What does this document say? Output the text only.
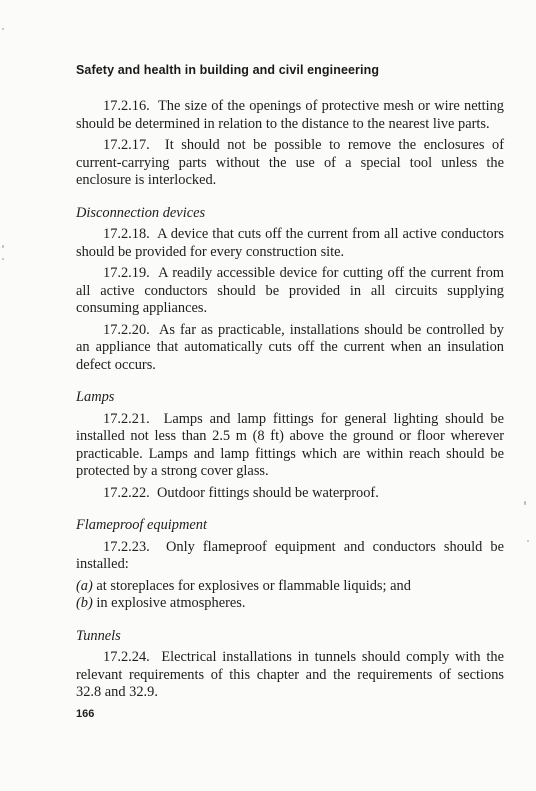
Safety and health in building and civil engineering

17.2.16. The size of the openings of protective mesh or wire netting should be determined in relation to the distance to the nearest live parts.

17.2.17. It should not be possible to remove the enclosures of current-carrying parts without the use of a special tool unless the enclosure is interlocked.

Disconnection devices

17.2.18. A device that cuts off the current from all active conductors should be provided for every construction site.

17.2.19. A readily accessible device for cutting off the current from all active conductors should be provided in all circuits supplying consuming appliances.

17.2.20. As far as practicable, installations should be controlled by an appliance that automatically cuts off the current when an insulation defect occurs.

Lamps

17.2.21. Lamps and lamp fittings for general lighting should be installed not less than 2.5 m (8 ft) above the ground or floor wherever practicable. Lamps and lamp fittings which are within reach should be protected by a strong cover glass.

17.2.22. Outdoor fittings should be waterproof.

Flameproof equipment

17.2.23. Only flameproof equipment and conductors should be installed:

(a) at storeplaces for explosives or flammable liquids; and

(b) in explosive atmospheres.

Tunnels

17.2.24. Electrical installations in tunnels should comply with the relevant requirements of this chapter and the requirements of sections 32.8 and 32.9.

166
